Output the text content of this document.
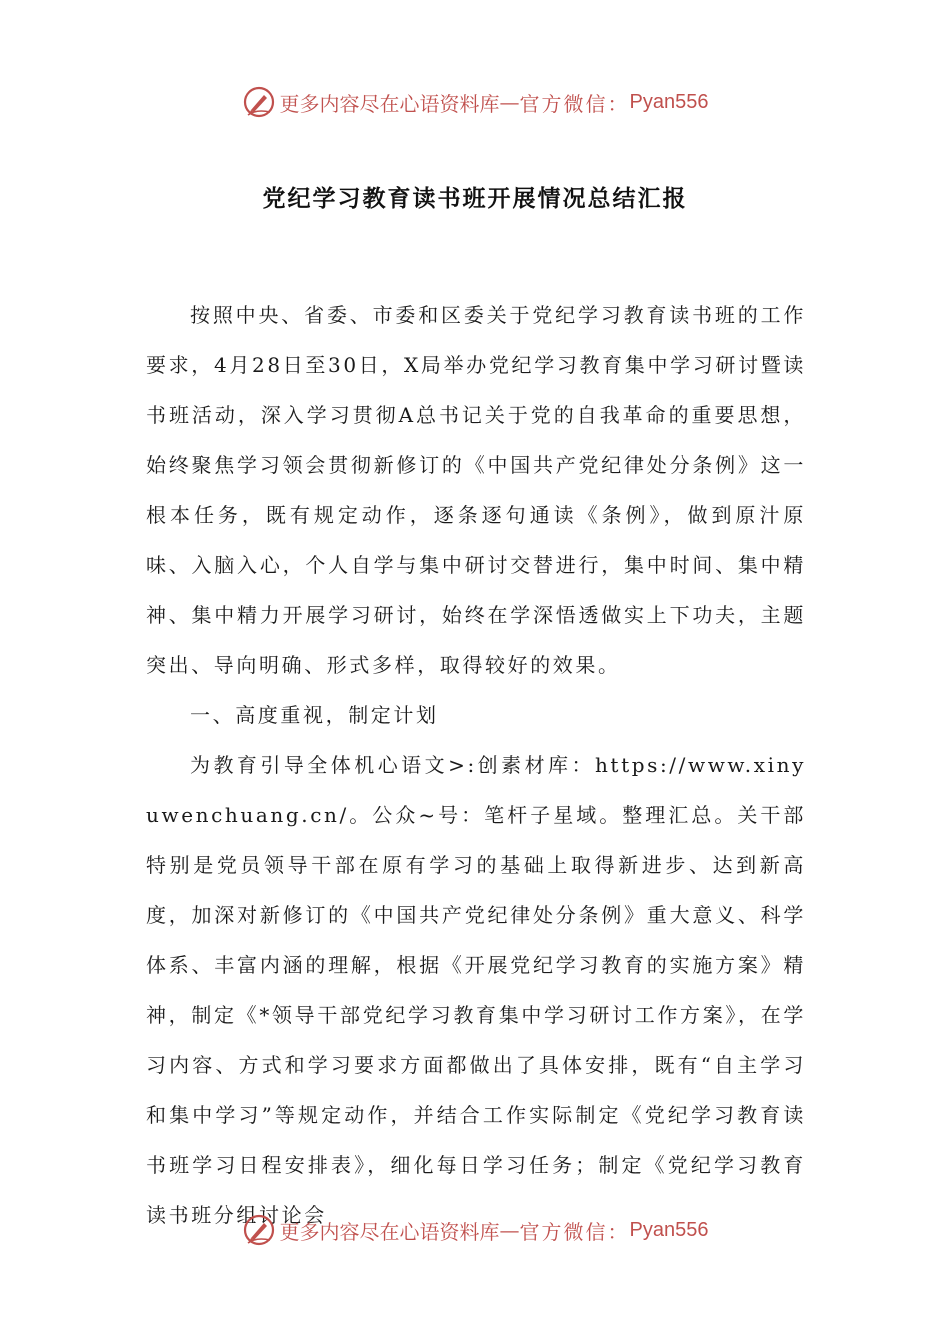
更多内容尽在心语资料库 — 官方微信： Pyan556
党纪学习教育读书班开展情况总结汇报

按照中央、省委、市委和区委关于党纪学习教育读书班的工作要求，4月28日至30日，X局举办党纪学习教育集中学习研讨暨读书班活动，深入学习贯彻A总书记关于党的自我革命的重要思想，始终聚焦学习领会贯彻新修订的《中国共产党纪律处分条例》这一根本任务，既有规定动作，逐条逐句通读《条例》，做到原汁原味、入脑入心，个人自学与集中研讨交替进行，集中时间、集中精神、集中精力开展学习研讨，始终在学深悟透做实上下功夫，主题突出、导向明确、形式多样，取得较好的效果。

一、高度重视，制定计划

为教育引导全体机心语文>:创素材库：https://www.xinyuwenchuang.cn/。公众~号：笔杆子星域。整理汇总。关干部特别是党员领导干部在原有学习的基础上取得新进步、达到新高度，加深对新修订的《中国共产党纪律处分条例》重大意义、科学体系、丰富内涵的理解，根据《开展党纪学习教育的实施方案》精神，制定《*领导干部党纪学习教育集中学习研讨工作方案》，在学习内容、方式和学习要求方面都做出了具体安排，既有“自主学习和集中学习”等规定动作，并结合工作实际制定《党纪学习教育读书班学习日程安排表》，细化每日学习任务；制定《党纪学习教育读书班分组讨论会

更多内容尽在心语资料库 — 官方微信： Pyan556
